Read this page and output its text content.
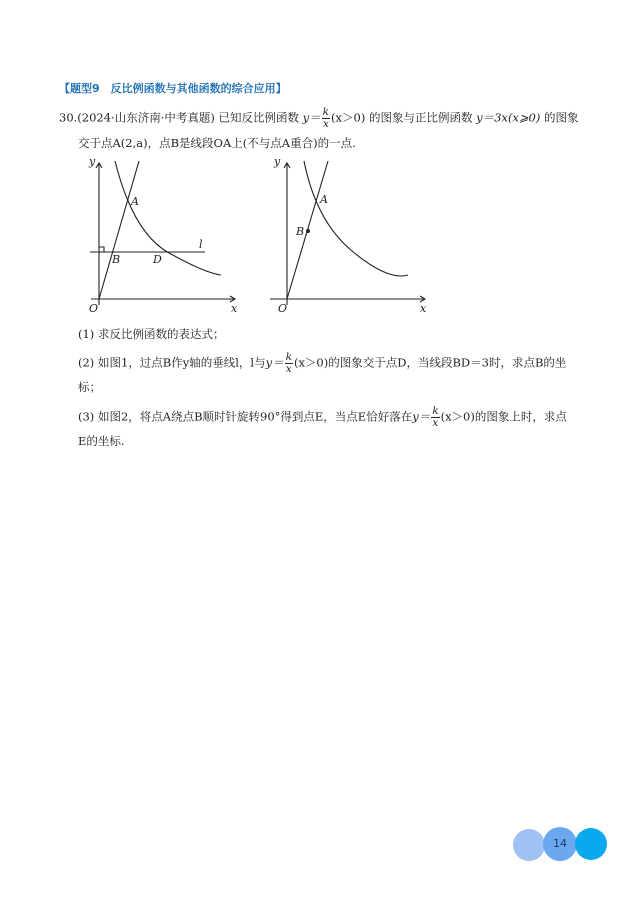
【题型9　反比例函数与其他函数的综合应用】
30.(2024·山东济南·中考真题) 已知反比例函数 $y= \frac{k}{x} (x>0)$ 的图象与正比例函数 y＝3x(x⩾0) 的图象
交于点A(2,a)，点B是线段OA上(不与点A重合)的一点.
y
x
O
A
B	D
l
y
x
O
A
B
(1) 求反比例函数的表达式；
(2) 如图1，过点B作y轴的垂线l，l与$y= \frac{k}{x} (x>0)$的图象交于点D，当线段BD＝3时，求点B的坐
标；
(3) 如图2，将点A绕点B顺时针旋转90°得到点E，当点E恰好落在$y= \frac{k}{x} (x>0)$的图象上时，求点
E的坐标.
14
